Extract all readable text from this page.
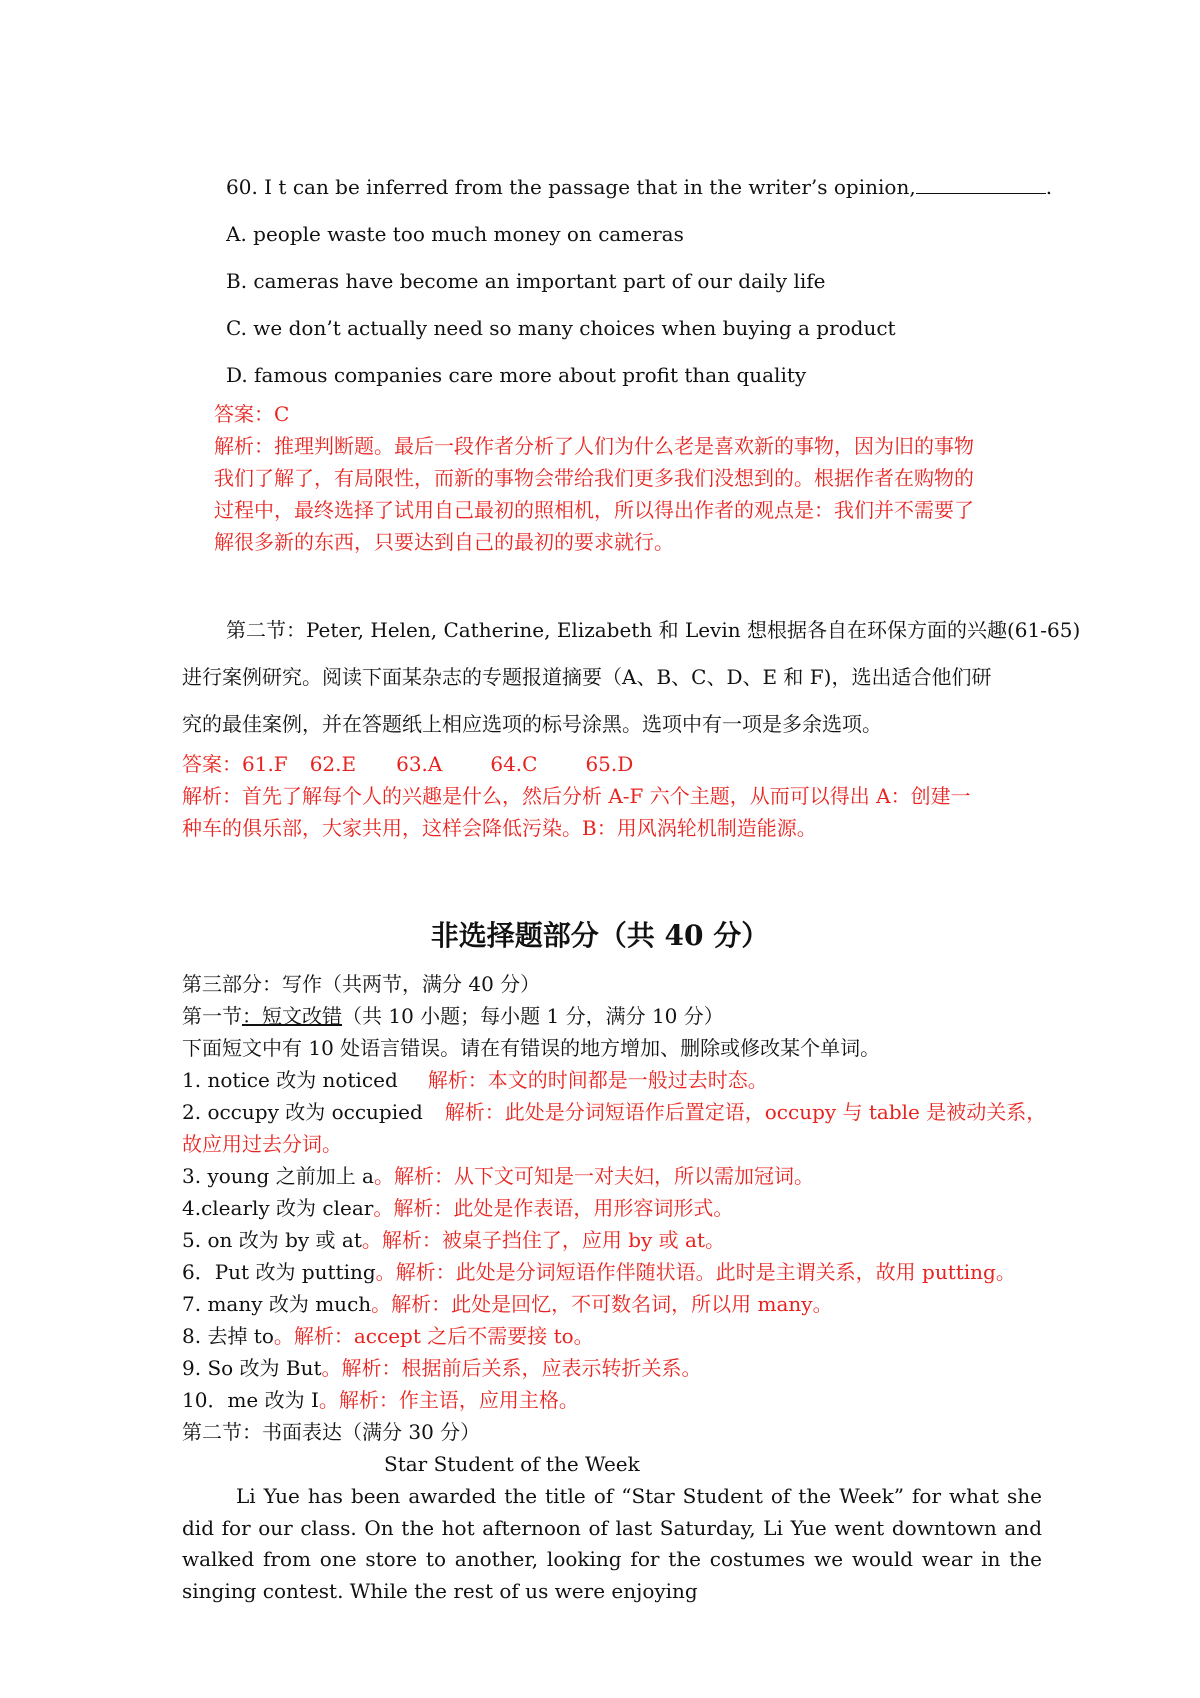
60. I t can be inferred from the passage that in the writer’s opinion,	.
A. people waste too much money on cameras
B. cameras have become an important part of our daily life
C. we don’t actually need so many choices when buying a product
D. famous companies care more about profit than quality
答案：C
解析：推理判断题。最后一段作者分析了人们为什么老是喜欢新的事物，因为旧的事物
我们了解了，有局限性，而新的事物会带给我们更多我们没想到的。根据作者在购物的
过程中，最终选择了试用自己最初的照相机，所以得出作者的观点是：我们并不需要了
解很多新的东西，只要达到自己的最初的要求就行。
第二节：Peter, Helen, Catherine, Elizabeth 和 Levin 想根据各自在环保方面的兴趣(61-65)
进行案例研究。阅读下面某杂志的专题报道摘要（A、B、C、D、E 和 F)，选出适合他们研
究的最佳案例，并在答题纸上相应选项的标号涂黑。选项中有一项是多余选项。
答案：61.F 62.E 63.A 64.C 65.D
解析：首先了解每个人的兴趣是什么，然后分析 A-F 六个主题，从而可以得出 A：创建一
种车的俱乐部，大家共用，这样会降低污染。B：用风涡轮机制造能源。
非选择题部分（共 40 分）
第三部分：写作（共两节，满分 40 分）
第一节：短文改错（共 10 小题；每小题 1 分，满分 10 分）
下面短文中有 10 处语言错误。请在有错误的地方增加、删除或修改某个单词。
1. notice 改为 noticed 解析：本文的时间都是一般过去时态。
2. occupy 改为 occupied 解析：此处是分词短语作后置定语，occupy 与 table 是被动关系，
故应用过去分词。
3. young 之前加上 a。解析：从下文可知是一对夫妇，所以需加冠词。
4.clearly 改为 clear。解析：此处是作表语，用形容词形式。
5. on 改为 by 或 at。解析：被桌子挡住了，应用 by 或 at。
6．Put 改为 putting。解析：此处是分词短语作伴随状语。此时是主谓关系，故用 putting。
7. many 改为 much。解析：此处是回忆，不可数名词，所以用 many。
8. 去掉 to。解析：accept 之后不需要接 to。
9. So 改为 But。解析：根据前后关系，应表示转折关系。
10．me 改为 I。解析：作主语，应用主格。
第二节：书面表达（满分 30 分）
Star Student of the Week
Li Yue has been awarded the title of “Star Student of the Week” for what she did for our class. On the hot afternoon of last Saturday, Li Yue went downtown and walked from one store to another, looking for the costumes we would wear in the singing contest. While the rest of us were enjoying
